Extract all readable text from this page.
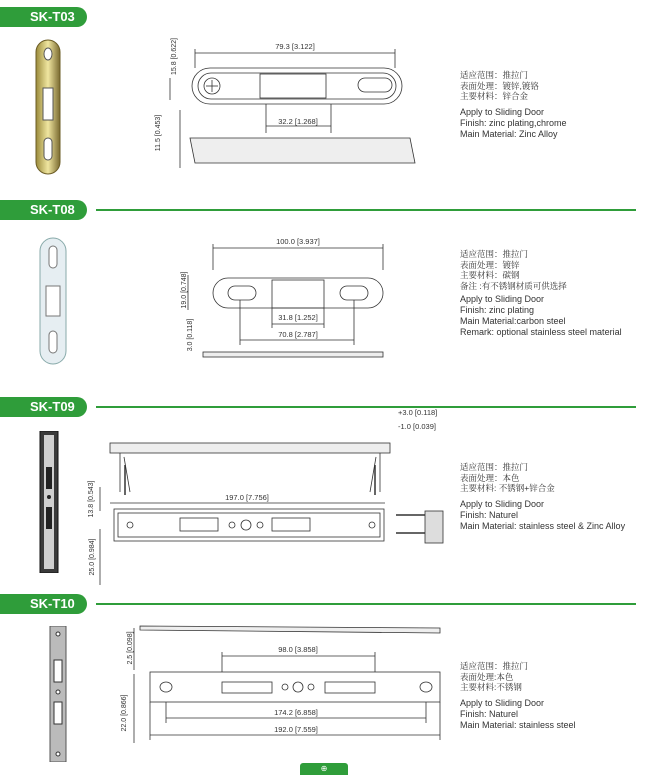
SK-T03
79.3 [3.122]
15.8 [0.622]
32.2 [1.268]
11.5 [0.453]
适应范围：推拉门
表面处理：镀锌,镀铬
主要材料：锌合金
Apply to Sliding Door
Finish: zinc plating,chrome
Main Material: Zinc Alloy
SK-T08
100.0 [3.937]
19.0 [0.748]
31.8 [1.252]
70.8 [2.787]
3.0 [0.118]
适应范围：推拉门
表面处理：镀锌
主要材料：碳钢
备注 :有不锈钢材质可供选择
Apply to Sliding Door
Finish: zinc plating
Main Material:carbon steel
Remark: optional stainless steel material
SK-T09
197.0 [7.756]
13.8 [0.543]
25.0 [0.984]
+3.0 [0.118]
-1.0 [0.039]
适应范围：推拉门
表面处理：本色
主要材料: 不锈钢+锌合金
Apply to Sliding Door
Finish: Naturel
Main Material: stainless steel & Zinc Alloy
SK-T10
98.0 [3.858]
2.5 [0.098]
174.2 [6.858]
192.0 [7.559]
22.0 [0.866]
适应范围：推拉门
表面处理:本色
主要材料:不锈钢
Apply to Sliding Door
Finish: Naturel
Main Material: stainless steel
⊕
